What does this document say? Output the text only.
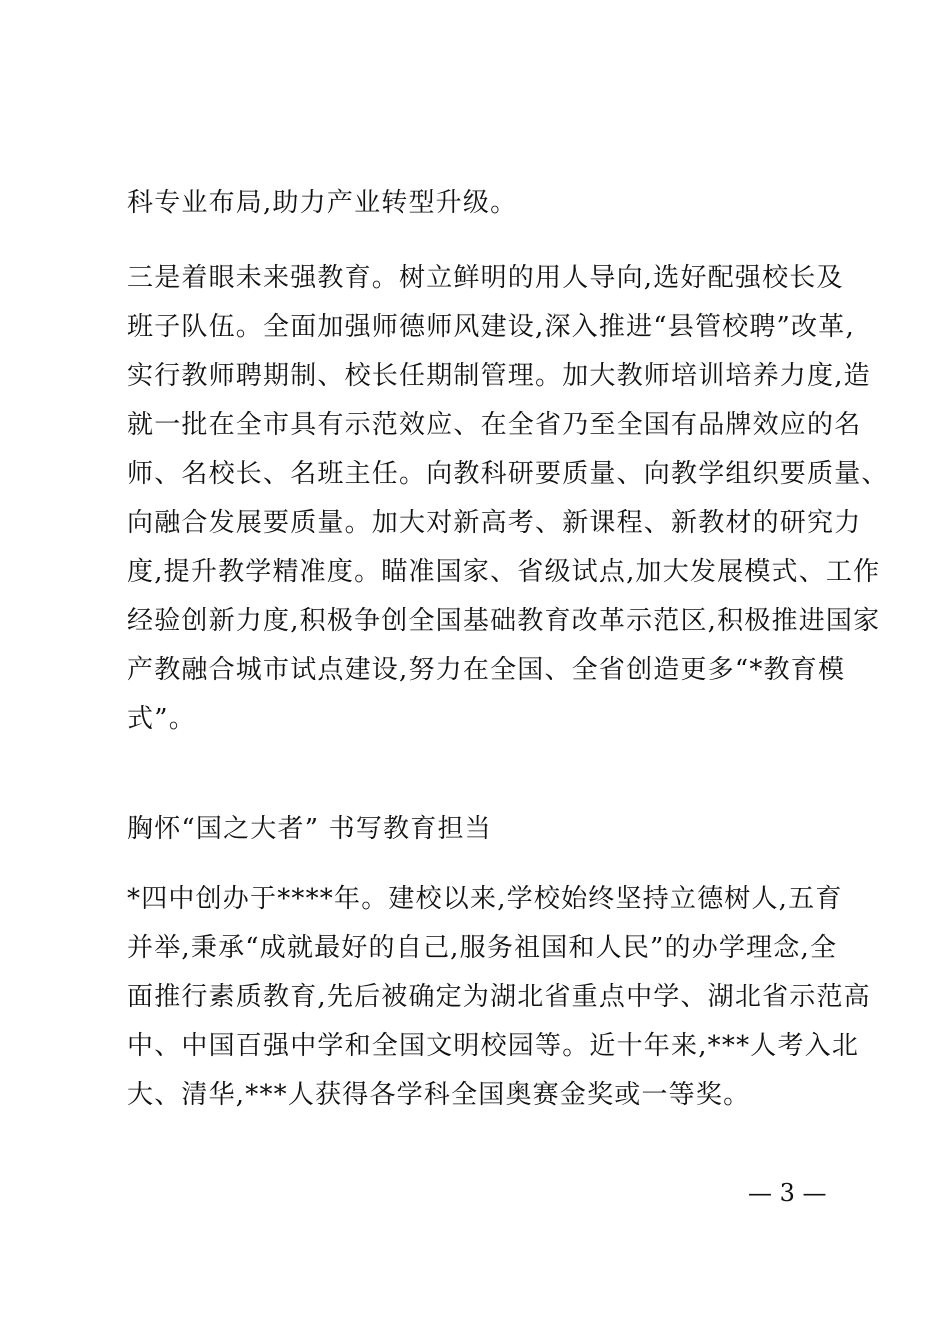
科专业布局,助力产业转型升级。
三是着眼未来强教育。树立鲜明的用人导向,选好配强校长及
班子队伍。全面加强师德师风建设,深入推进“县管校聘”改革,
实行教师聘期制、校长任期制管理。加大教师培训培养力度,造
就一批在全市具有示范效应、在全省乃至全国有品牌效应的名
师、名校长、名班主任。向教科研要质量、向教学组织要质量、
向融合发展要质量。加大对新高考、新课程、新教材的研究力
度,提升教学精准度。瞄准国家、省级试点,加大发展模式、工作
经验创新力度,积极争创全国基础教育改革示范区,积极推进国家
产教融合城市试点建设,努力在全国、全省创造更多“*教育模
式”。
胸怀“国之大者” 书写教育担当
*四中创办于****年。建校以来,学校始终坚持立德树人,五育
并举,秉承“成就最好的自己,服务祖国和人民”的办学理念,全
面推行素质教育,先后被确定为湖北省重点中学、湖北省示范高
中、中国百强中学和全国文明校园等。近十年来,***人考入北
大、清华,***人获得各学科全国奥赛金奖或一等奖。
— 3 —
